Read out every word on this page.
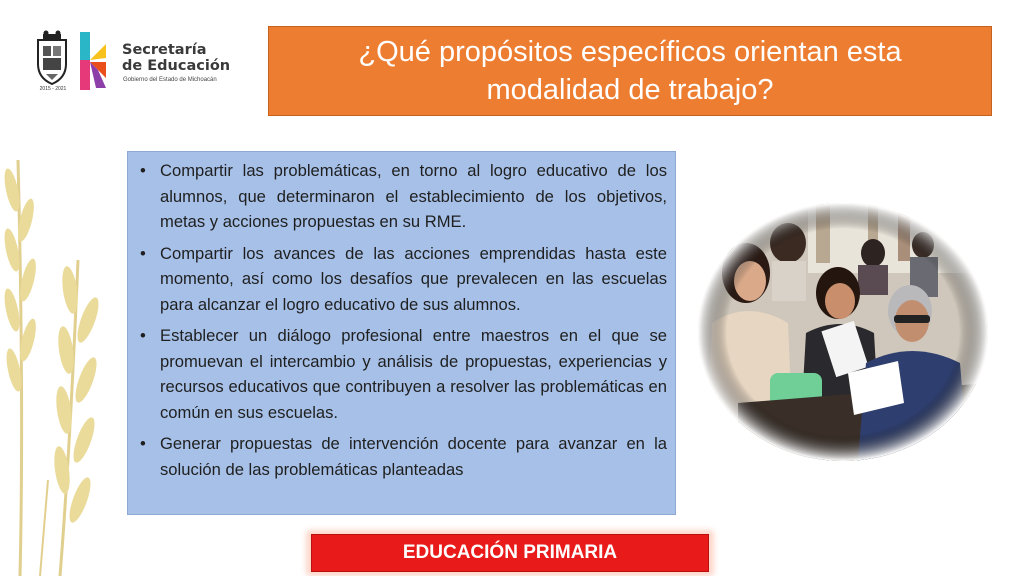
2015 - 2021
Secretaría
de Educación
Gobierno del Estado de Michoacán
¿Qué propósitos específicos orientan esta modalidad de trabajo?
• Compartir las problemáticas, en torno al logro educativo de los alumnos, que determinaron el establecimiento de los objetivos, metas y acciones propuestas en su RME.
• Compartir los avances de las acciones emprendidas hasta este momento, así como los desafíos que prevalecen en las escuelas para alcanzar el logro educativo de sus alumnos.
• Establecer un diálogo profesional entre maestros en el que se promuevan el intercambio y análisis de propuestas, experiencias y recursos educativos que contribuyen a resolver las problemáticas en común en sus escuelas.
• Generar propuestas de intervención docente para avanzar en la solución de las problemáticas planteadas
EDUCACIÓN PRIMARIA
